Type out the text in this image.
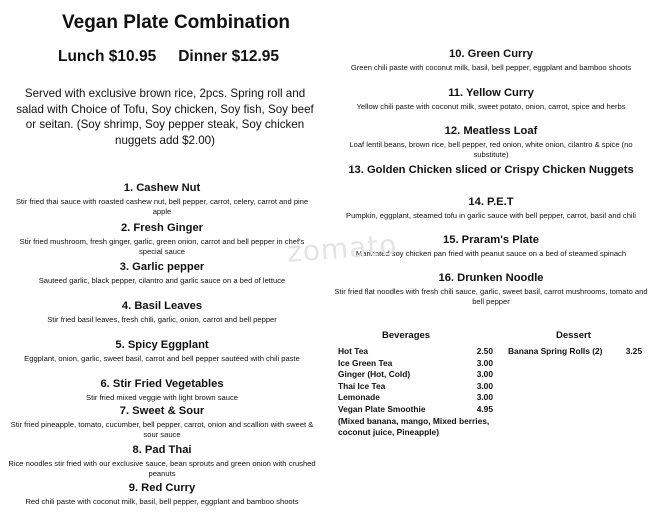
Vegan Plate Combination
Lunch $10.95 Dinner $12.95
Served with exclusive brown rice, 2pcs. Spring roll and salad with Choice of Tofu, Soy chicken, Soy fish, Soy beef or seitan. (Soy shrimp, Soy pepper steak, Soy chicken nuggets add $2.00)
1. Cashew Nut
Stir fried thai sauce with roasted cashew nut, bell pepper, carrot, celery, carrot and pine apple
2. Fresh Ginger
Stir fried mushroom, fresh ginger, garlic, green onion, carrot and bell pepper in chef's special sauce
3. Garlic pepper
Sauteed garlic, black pepper, cilantro and garlic sauce on a bed of lettuce
4. Basil Leaves
Stir fried basil leaves, fresh chili, garlic, onion, carrot and bell pepper
5. Spicy Eggplant
Eggplant, onion, garlic, sweet basil, carrot and bell pepper sautéed with chili paste
6. Stir Fried Vegetables
Stir fried mixed veggie with light brown sauce
7. Sweet & Sour
Stir fried pineapple, tomato, cucumber, bell pepper, carrot, onion and scallion with sweet & sour sauce
8. Pad Thai
Rice noodles stir fried with our exclusive sauce, bean sprouts and green onion with crushed peanuts
9. Red Curry
Red chili paste with coconut milk, basil, bell pepper, eggplant and bamboo shoots
10. Green Curry
Green chili paste with coconut milk, basil, bell pepper, eggplant and bamboo shoots
11. Yellow Curry
Yellow chili paste with coconut milk, sweet potato, onion, carrot, spice and herbs
12. Meatless Loaf
Loaf lentil beans, brown rice, bell pepper, red onion, white onion, cilantro & spice (no substitute)
13. Golden Chicken sliced or Crispy Chicken Nuggets
14. P.E.T
Pumpkin, eggplant, steamed tofu in garlic sauce with bell pepper, carrot, basil and chili
15. Praram's Plate
Marinated soy chicken pan fried with peanut sauce on a bed of steamed spinach
16. Drunken Noodle
Stir fried flat noodles with fresh chili sauce, garlic, sweet basil, carrot mushrooms, tomato and bell pepper
Beverages
Hot Tea	2.50
Ice Green Tea	3.00
Ginger (Hot, Cold)	3.00
Thai Ice Tea	3.00
Lemonade	3.00
Vegan Plate Smoothie	4.95
(Mixed banana, mango, Mixed berries, coconut juice, Pineapple)
Dessert
Banana Spring Rolls (2)	3.25
zomato
